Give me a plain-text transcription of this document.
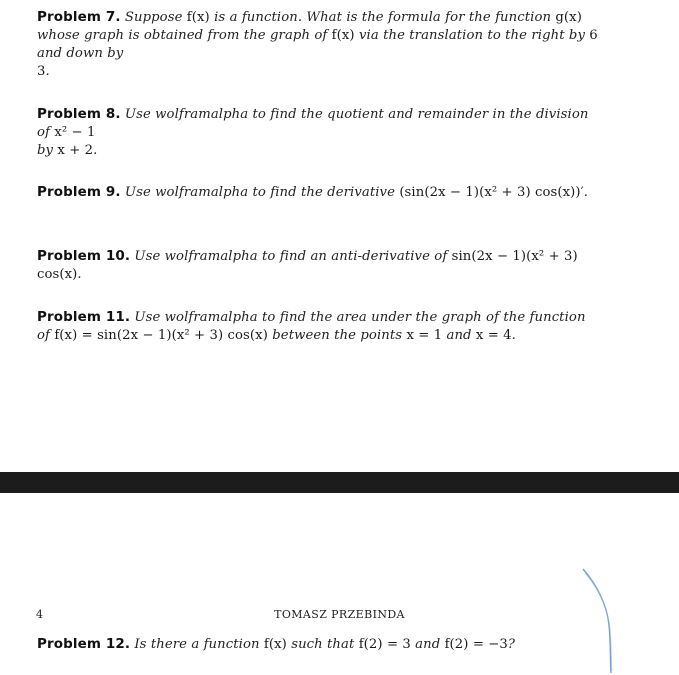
Problem 7. Suppose f(x) is a function. What is the formula for the function g(x) whose graph is obtained from the graph of f(x) via the translation to the right by 6 and down by
3.
Problem 8. Use wolframalpha to find the quotient and remainder in the division of x² − 1
by x + 2.
Problem 9. Use wolframalpha to find the derivative (sin(2x − 1)(x² + 3) cos(x))′.
Problem 10. Use wolframalpha to find an anti-derivative of sin(2x − 1)(x² + 3) cos(x).
Problem 11. Use wolframalpha to find the area under the graph of the function of f(x) = sin(2x − 1)(x² + 3) cos(x) between the points x = 1 and x = 4.
4	TOMASZ PRZEBINDA
Problem 12. Is there a function f(x) such that f(2) = 3 and f(2) = −3?
